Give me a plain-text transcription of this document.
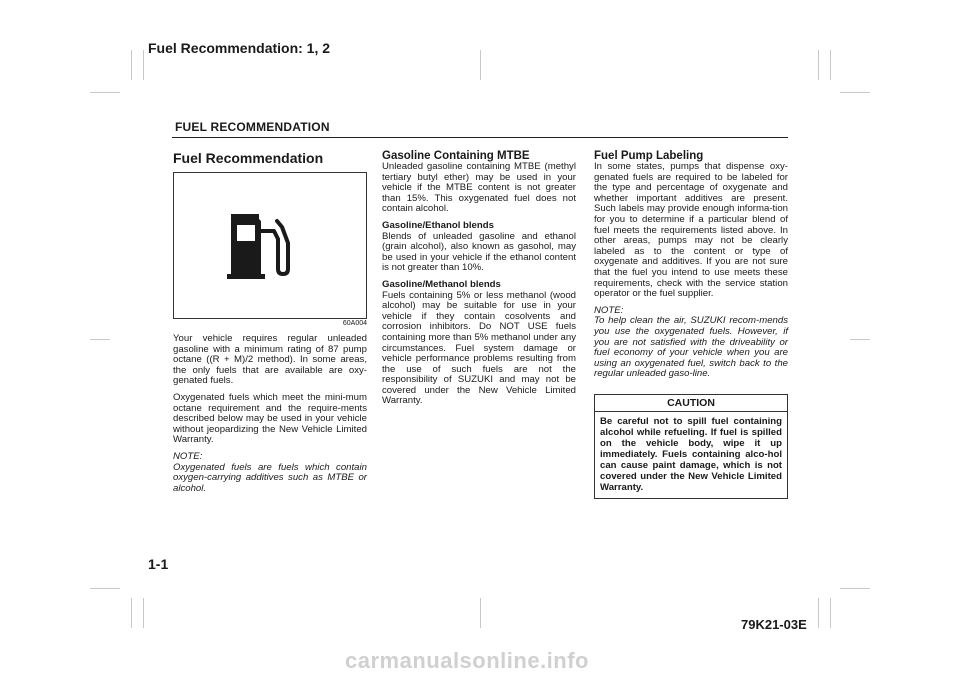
Fuel Recommendation: 1, 2
FUEL RECOMMENDATION

Fuel Recommendation

60A004

Your vehicle requires regular unleaded gasoline with a minimum rating of 87 pump octane ((R + M)/2 method). In some areas, the only fuels that are available are oxy-genated fuels.

Oxygenated fuels which meet the mini-mum octane requirement and the require-ments described below may be used in your vehicle without jeopardizing the New Vehicle Limited Warranty.

NOTE:
Oxygenated fuels are fuels which contain oxygen-carrying additives such as MTBE or alcohol.

Gasoline Containing MTBE

Unleaded gasoline containing MTBE (methyl tertiary butyl ether) may be used in your vehicle if the MTBE content is not greater than 15%. This oxygenated fuel does not contain alcohol.

Gasoline/Ethanol blends

Blends of unleaded gasoline and ethanol (grain alcohol), also known as gasohol, may be used in your vehicle if the ethanol content is not greater than 10%.

Gasoline/Methanol blends

Fuels containing 5% or less methanol (wood alcohol) may be suitable for use in your vehicle if they contain cosolvents and corrosion inhibitors. Do NOT USE fuels containing more than 5% methanol under any circumstances. Fuel system damage or vehicle performance problems resulting from the use of such fuels are not the responsibility of SUZUKI and may not be covered under the New Vehicle Limited Warranty.

Fuel Pump Labeling

In some states, pumps that dispense oxy-genated fuels are required to be labeled for the type and percentage of oxygenate and whether important additives are present. Such labels may provide enough informa-tion for you to determine if a particular blend of fuel meets the requirements listed above. In other areas, pumps may not be clearly labeled as to the content or type of oxygenate and additives. If you are not sure that the fuel you intend to use meets these requirements, check with the service station operator or the fuel supplier.

NOTE:
To help clean the air, SUZUKI recom-mends you use the oxygenated fuels. However, if you are not satisfied with the driveability or fuel economy of your vehicle when you are using an oxygenated fuel, switch back to the regular unleaded gaso-line.

CAUTION
Be careful not to spill fuel containing alcohol while refueling. If fuel is spilled on the vehicle body, wipe it up immediately. Fuels containing alco-hol can cause paint damage, which is not covered under the New Vehicle Limited Warranty.
1-1
79K21-03E
carmanualsonline.info
